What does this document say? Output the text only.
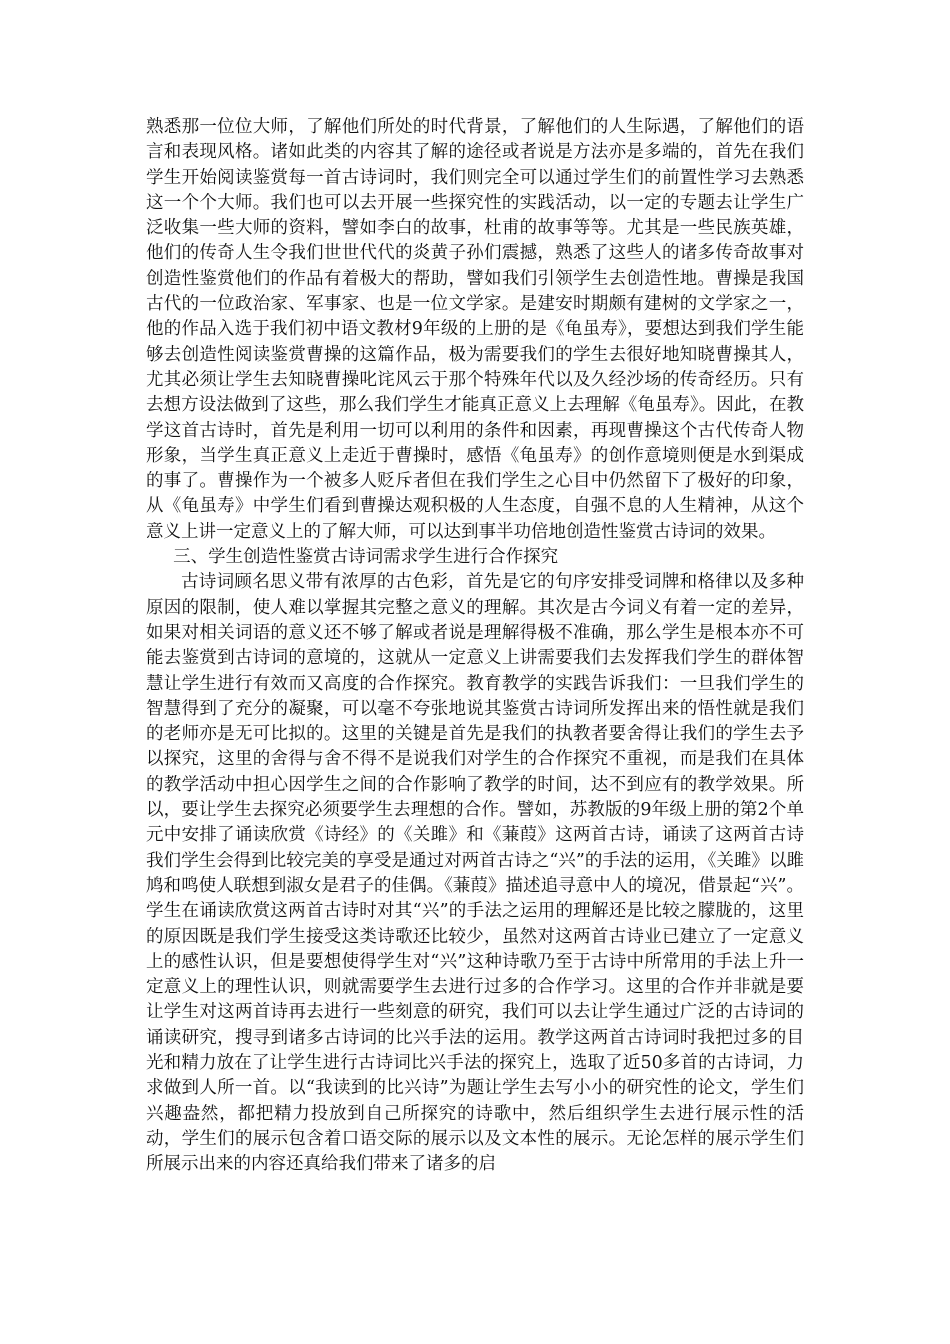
熟悉那一位位大师，了解他们所处的时代背景，了解他们的人生际遇，了解他们的语言和表现风格。诸如此类的内容其了解的途径或者说是方法亦是多端的，首先在我们学生开始阅读鉴赏每一首古诗词时，我们则完全可以通过学生们的前置性学习去熟悉这一个个大师。我们也可以去开展一些探究性的实践活动，以一定的专题去让学生广泛收集一些大师的资料，譬如李白的故事，杜甫的故事等等。尤其是一些民族英雄，他们的传奇人生令我们世世代代的炎黄子孙们震撼，熟悉了这些人的诸多传奇故事对创造性鉴赏他们的作品有着极大的帮助，譬如我们引领学生去创造性地。曹操是我国古代的一位政治家、军事家、也是一位文学家。是建安时期颇有建树的文学家之一，他的作品入选于我们初中语文教材9年级的上册的是《龟虽寿》，要想达到我们学生能够去创造性阅读鉴赏曹操的这篇作品，极为需要我们的学生去很好地知晓曹操其人，尤其必须让学生去知晓曹操叱诧风云于那个特殊年代以及久经沙场的传奇经历。只有去想方设法做到了这些，那么我们学生才能真正意义上去理解《龟虽寿》。因此，在教学这首古诗时，首先是利用一切可以利用的条件和因素，再现曹操这个古代传奇人物形象，当学生真正意义上走近于曹操时，感悟《龟虽寿》的创作意境则便是水到渠成的事了。曹操作为一个被多人贬斥者但在我们学生之心目中仍然留下了极好的印象，从《龟虽寿》中学生们看到曹操达观积极的人生态度，自强不息的人生精神，从这个意义上讲一定意义上的了解大师，可以达到事半功倍地创造性鉴赏古诗词的效果。

三、学生创造性鉴赏古诗词需求学生进行合作探究

古诗词顾名思义带有浓厚的古色彩，首先是它的句序安排受词牌和格律以及多种原因的限制，使人难以掌握其完整之意义的理解。其次是古今词义有着一定的差异，如果对相关词语的意义还不够了解或者说是理解得极不准确，那么学生是根本亦不可能去鉴赏到古诗词的意境的，这就从一定意义上讲需要我们去发挥我们学生的群体智慧让学生进行有效而又高度的合作探究。教育教学的实践告诉我们：一旦我们学生的智慧得到了充分的凝聚，可以毫不夸张地说其鉴赏古诗词所发挥出来的悟性就是我们的老师亦是无可比拟的。这里的关键是首先是我们的执教者要舍得让我们的学生去予以探究，这里的舍得与舍不得不是说我们对学生的合作探究不重视，而是我们在具体的教学活动中担心因学生之间的合作影响了教学的时间，达不到应有的教学效果。所以，要让学生去探究必须要学生去理想的合作。譬如，苏教版的9年级上册的第2个单元中安排了诵读欣赏《诗经》的《关雎》和《蒹葭》这两首古诗，诵读了这两首古诗我们学生会得到比较完美的享受是通过对两首古诗之“兴”的手法的运用，《关雎》以雎鸠和鸣使人联想到淑女是君子的佳偶。《蒹葭》描述追寻意中人的境况，借景起“兴”。学生在诵读欣赏这两首古诗时对其“兴”的手法之运用的理解还是比较之朦胧的，这里的原因既是我们学生接受这类诗歌还比较少，虽然对这两首古诗业已建立了一定意义上的感性认识，但是要想使得学生对“兴”这种诗歌乃至于古诗中所常用的手法上升一定意义上的理性认识，则就需要学生去进行过多的合作学习。这里的合作并非就是要让学生对这两首诗再去进行一些刻意的研究，我们可以去让学生通过广泛的古诗词的诵读研究，搜寻到诸多古诗词的比兴手法的运用。教学这两首古诗词时我把过多的目光和精力放在了让学生进行古诗词比兴手法的探究上，选取了近50多首的古诗词，力求做到人所一首。以“我读到的比兴诗”为题让学生去写小小的研究性的论文，学生们兴趣盎然，都把精力投放到自己所探究的诗歌中，然后组织学生去进行展示性的活动，学生们的展示包含着口语交际的展示以及文本性的展示。无论怎样的展示学生们所展示出来的内容还真给我们带来了诸多的启
